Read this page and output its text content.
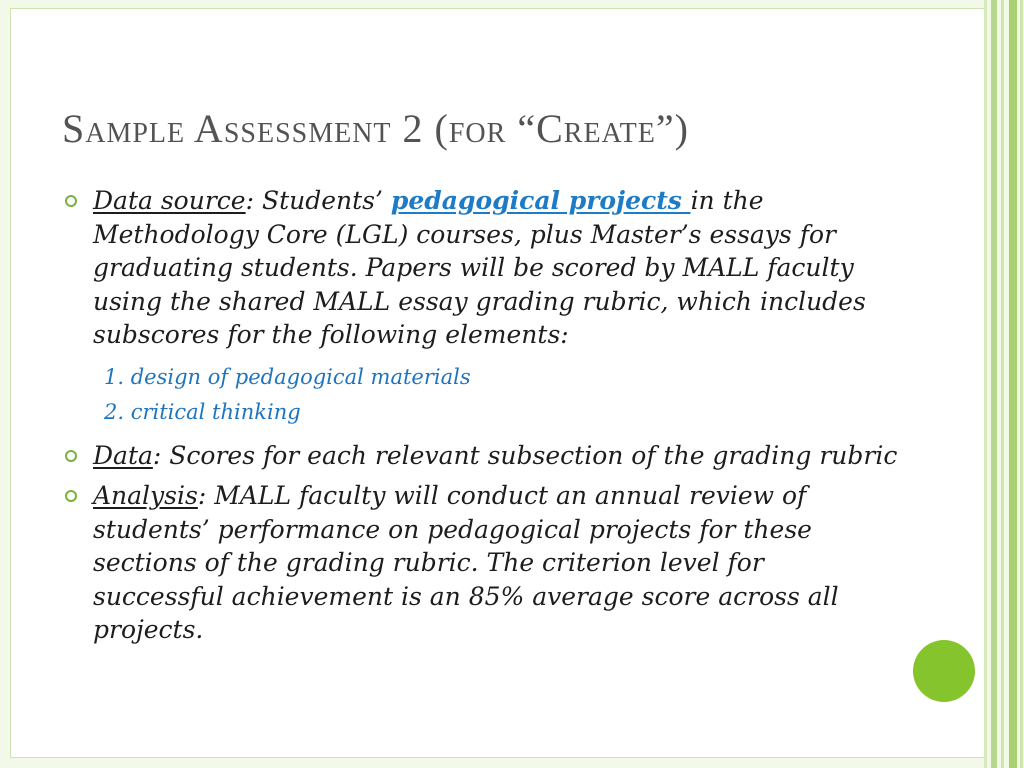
Sample Assessment 2 (for “Create”)
Data source: Students’ pedagogical projects in the Methodology Core (LGL) courses, plus Master’s essays for graduating students. Papers will be scored by MALL faculty using the shared MALL essay grading rubric, which includes subscores for the following elements:
1. design of pedagogical materials
2. critical thinking
Data: Scores for each relevant subsection of the grading rubric
Analysis: MALL faculty will conduct an annual review of students’ performance on pedagogical projects for these sections of the grading rubric. The criterion level for successful achievement is an 85% average score across all projects.
